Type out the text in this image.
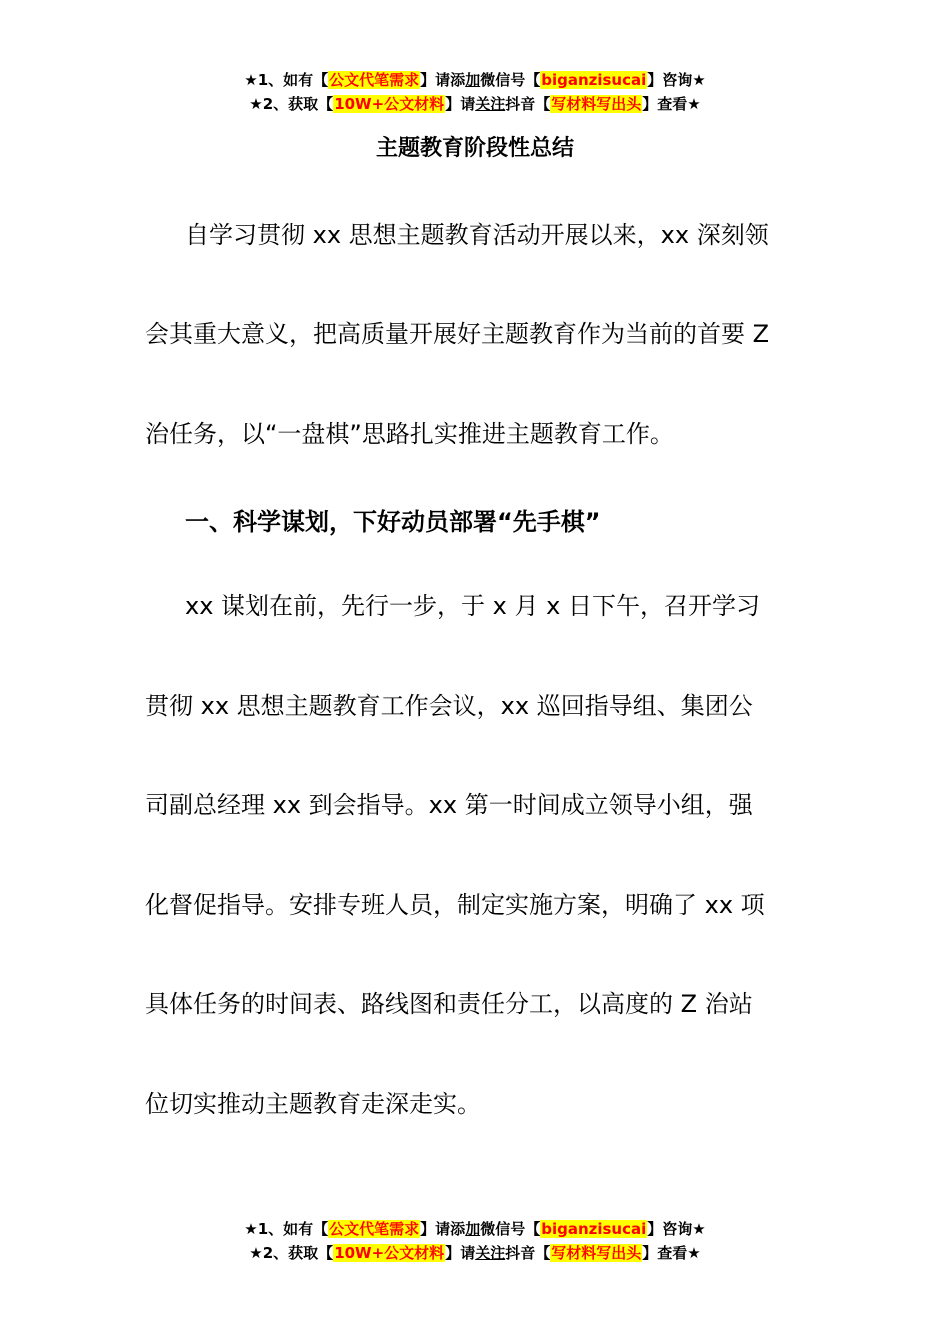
★1、如有【公文代笔需求】请添加微信号【biganzisucai】咨询★
★2、获取【10W+公文材料】请关注抖音【写材料写出头】查看★
主题教育阶段性总结
自学习贯彻 xx 思想主题教育活动开展以来，xx 深刻领
会其重大意义，把高质量开展好主题教育作为当前的首要 Z
治任务，以“一盘棋”思路扎实推进主题教育工作。
一、科学谋划，下好动员部署“先手棋”
xx 谋划在前，先行一步，于 x 月 x 日下午，召开学习
贯彻 xx 思想主题教育工作会议，xx 巡回指导组、集团公
司副总经理 xx 到会指导。xx 第一时间成立领导小组，强
化督促指导。安排专班人员，制定实施方案，明确了 xx 项
具体任务的时间表、路线图和责任分工，以高度的 Z 治站
位切实推动主题教育走深走实。
★1、如有【公文代笔需求】请添加微信号【biganzisucai】咨询★
★2、获取【10W+公文材料】请关注抖音【写材料写出头】查看★
